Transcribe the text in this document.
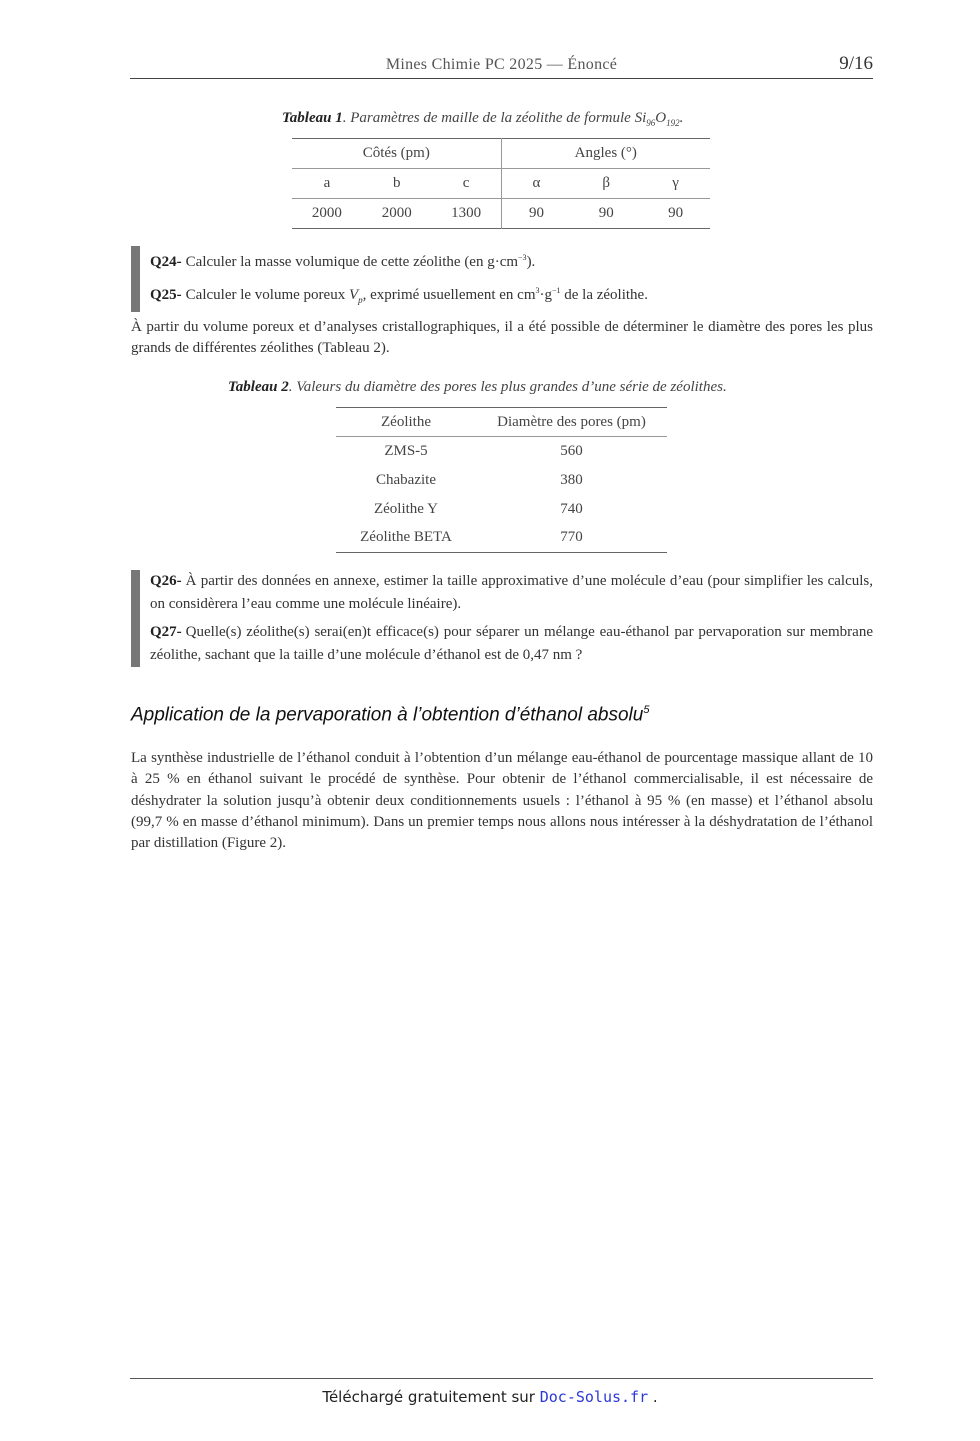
Mines Chimie PC 2025 — Énoncé	9/16
Tableau 1. Paramètres de maille de la zéolithe de formule $Si_{96}O_{192}$.
Côtés (pm)			Angles (°)		
a	b	c	α	β	γ
2000	2000	1300	90	90	90
Q24- Calculer la masse volumique de cette zéolithe (en $g\cdot cm^{-3}$).
Q25- Calculer le volume poreux $V_p$, exprimé usuellement en $cm^3\cdot g^{-1}$ de la zéolithe.
À partir du volume poreux et d’analyses cristallographiques, il a été possible de déterminer le diamètre des pores les plus grands de différentes zéolithes (Tableau 2).
Tableau 2. Valeurs du diamètre des pores les plus grandes d’une série de zéolithes.
Zéolithe	Diamètre des pores (pm)
ZMS-5	560
Chabazite	380
Zéolithe Y	740
Zéolithe BETA	770
Q26- À partir des données en annexe, estimer la taille approximative d’une molécule d’eau (pour simplifier les calculs, on considèrera l’eau comme une molécule linéaire).
Q27- Quelle(s) zéolithe(s) serai(en)t efficace(s) pour séparer un mélange eau-éthanol par pervaporation sur membrane zéolithe, sachant que la taille d’une molécule d’éthanol est de 0,47 nm ?
Application de la pervaporation à l’obtention d’éthanol absolu$^5$
La synthèse industrielle de l’éthanol conduit à l’obtention d’un mélange eau-éthanol de pourcentage massique allant de 10 à 25 % en éthanol suivant le procédé de synthèse. Pour obtenir de l’éthanol commercialisable, il est nécessaire de déshydrater la solution jusqu’à obtenir deux conditionnements usuels : l’éthanol à 95 % (en masse) et l’éthanol absolu (99,7 % en masse d’éthanol minimum). Dans un premier temps nous allons nous intéresser à la déshydratation de l’éthanol par distillation (Figure 2).
Téléchargé gratuitement sur Doc-Solus.fr .
